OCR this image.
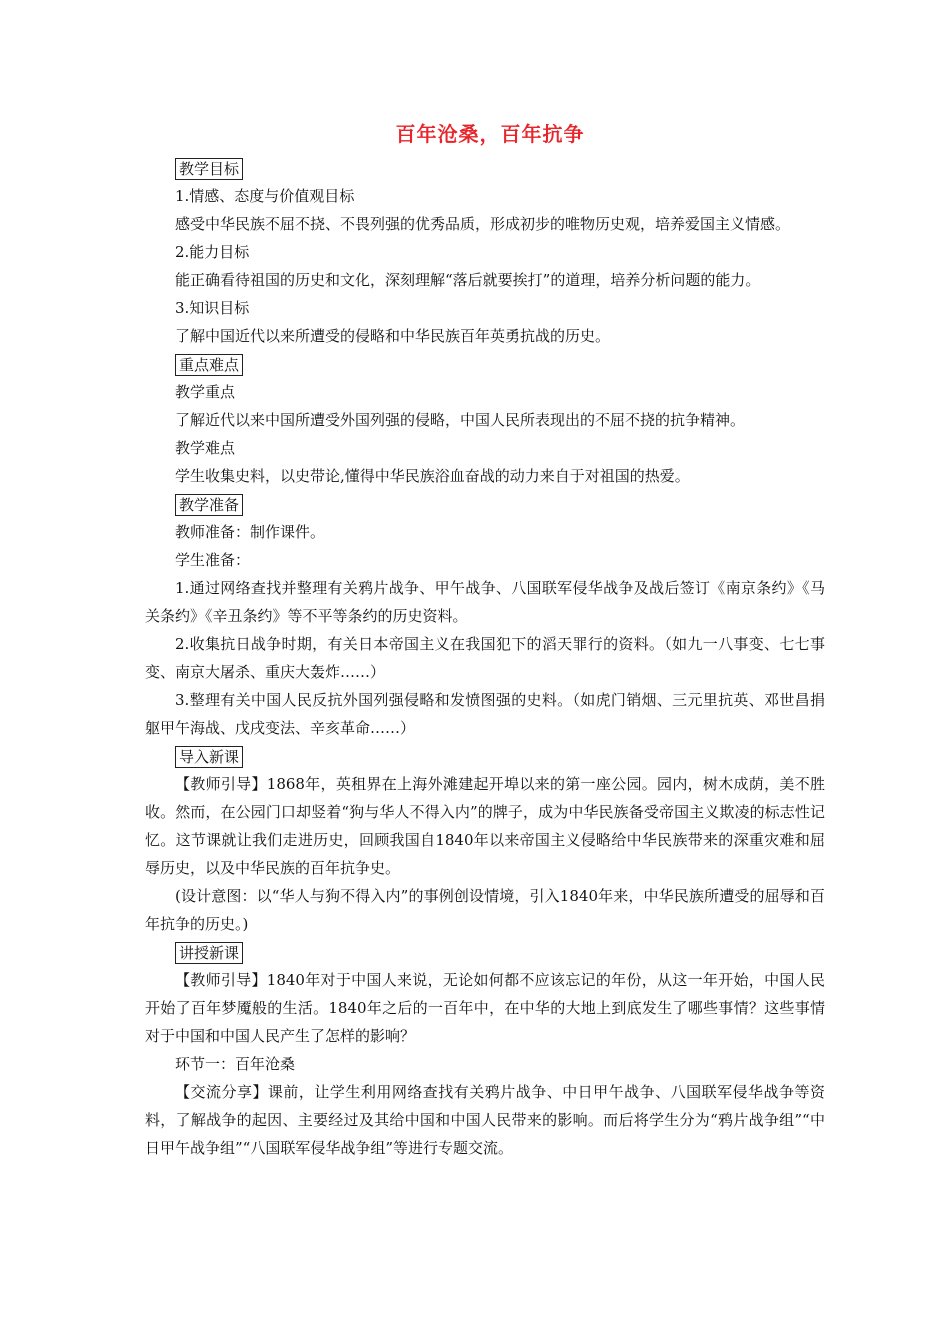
百年沧桑，百年抗争
教学目标

1.情感、态度与价值观目标

感受中华民族不屈不挠、不畏列强的优秀品质，形成初步的唯物历史观，培养爱国主义情感。

2.能力目标

能正确看待祖国的历史和文化，深刻理解“落后就要挨打”的道理，培养分析问题的能力。

3.知识目标

了解中国近代以来所遭受的侵略和中华民族百年英勇抗战的历史。

重点难点

教学重点

了解近代以来中国所遭受外国列强的侵略，中国人民所表现出的不屈不挠的抗争精神。

教学难点

学生收集史料，以史带论,懂得中华民族浴血奋战的动力来自于对祖国的热爱。

教学准备

教师准备：制作课件。

学生准备：

1.通过网络查找并整理有关鸦片战争、甲午战争、八国联军侵华战争及战后签订《南京条约》《马关条约》《辛丑条约》等不平等条约的历史资料。

2.收集抗日战争时期，有关日本帝国主义在我国犯下的滔天罪行的资料。（如九一八事变、七七事变、南京大屠杀、重庆大轰炸……）

3.整理有关中国人民反抗外国列强侵略和发愤图强的史料。（如虎门销烟、三元里抗英、邓世昌捐躯甲午海战、戊戌变法、辛亥革命……）

导入新课

【教师引导】1868年，英租界在上海外滩建起开埠以来的第一座公园。园内，树木成荫，美不胜收。然而，在公园门口却竖着“狗与华人不得入内”的牌子，成为中华民族备受帝国主义欺凌的标志性记忆。这节课就让我们走进历史，回顾我国自1840年以来帝国主义侵略给中华民族带来的深重灾难和屈辱历史，以及中华民族的百年抗争史。

(设计意图：以“华人与狗不得入内”的事例创设情境，引入1840年来，中华民族所遭受的屈辱和百年抗争的历史。)

讲授新课

【教师引导】1840年对于中国人来说，无论如何都不应该忘记的年份，从这一年开始，中国人民开始了百年梦魇般的生活。1840年之后的一百年中，在中华的大地上到底发生了哪些事情？这些事情对于中国和中国人民产生了怎样的影响？

环节一：百年沧桑

【交流分享】课前，让学生利用网络查找有关鸦片战争、中日甲午战争、八国联军侵华战争等资料，了解战争的起因、主要经过及其给中国和中国人民带来的影响。而后将学生分为“鸦片战争组”“中日甲午战争组”“八国联军侵华战争组”等进行专题交流。
